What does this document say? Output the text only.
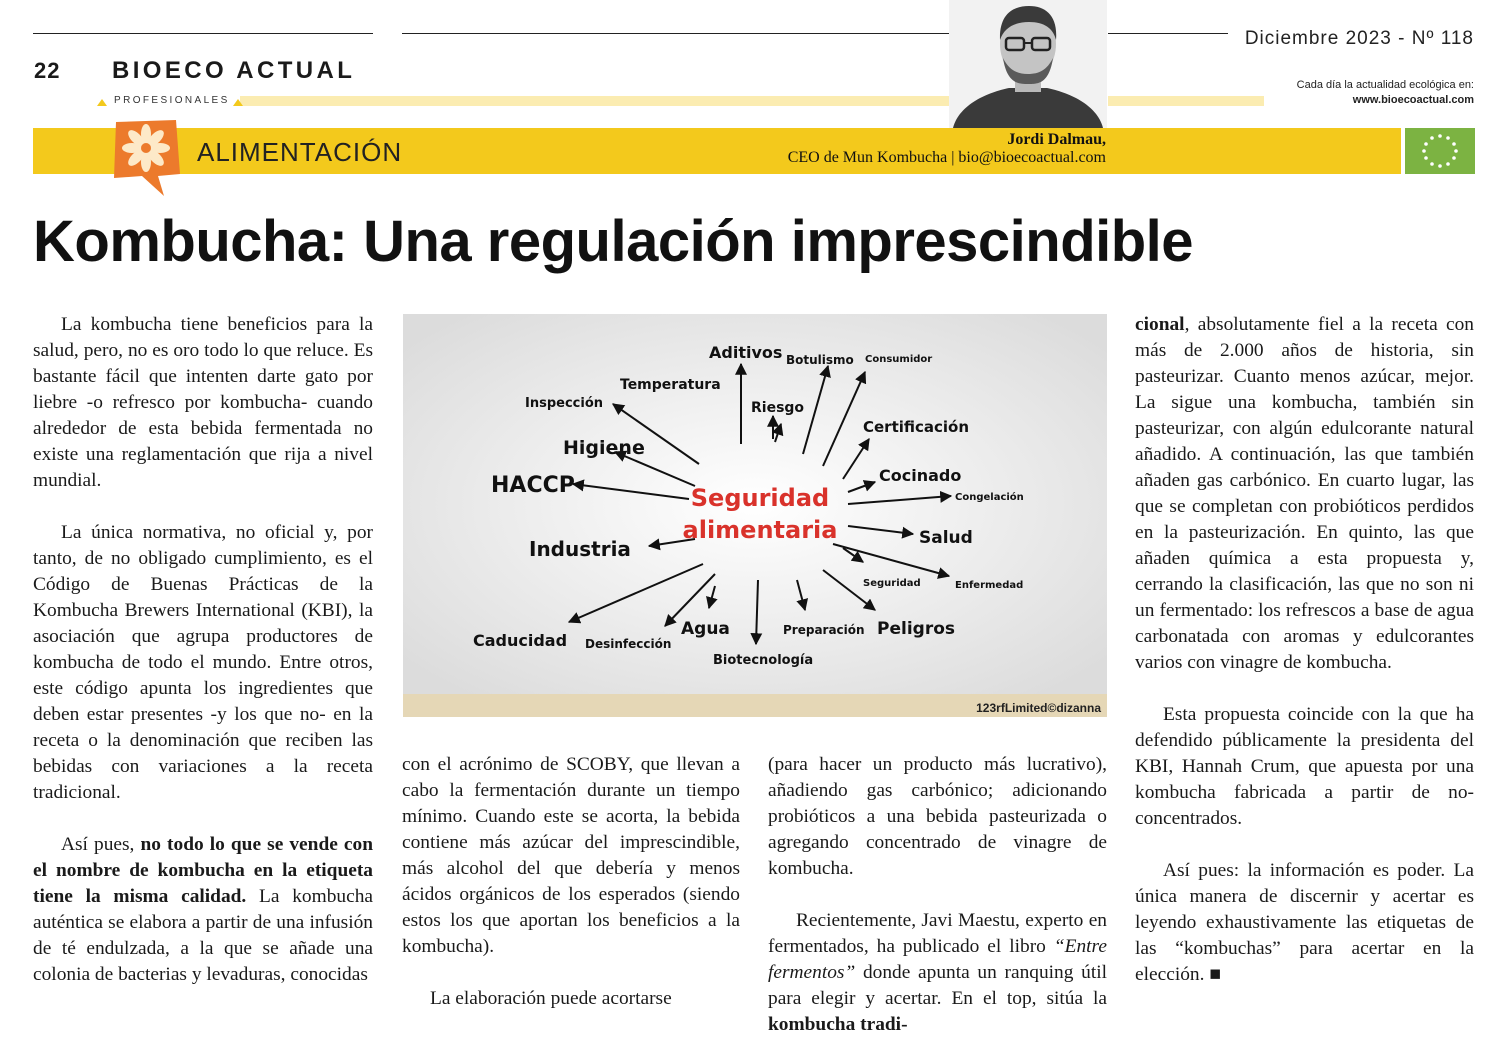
22 BIOECO ACTUAL
PROFESIONALES
Diciembre 2023 - Nº 118
Cada día la actualidad ecológica en:
www.bioecoactual.com
ALIMENTACIÓN	Jordi Dalmau,
CEO de Mun Kombucha | bio@bioecoactual.com
Kombucha: Una regulación imprescindible

La kombucha tiene beneficios para la salud, pero, no es oro todo lo que reluce. Es bastante fácil que intenten darte gato por liebre -o refresco por kombucha- cuando alrededor de esta bebida fermentada no existe una reglamentación que rija a nivel mundial.

La única normativa, no oficial y, por tanto, de no obligado cumplimiento, es el Código de Buenas Prácticas de la Kombucha Brewers International (KBI), la asociación que agrupa productores de kombucha de todo el mundo. Entre otros, este código apunta los ingredientes que deben estar presentes -y los que no- en la receta o la denominación que reciben las bebidas con variaciones a la receta tradicional.

Así pues, no todo lo que se vende con el nombre de kombucha en la etiqueta tiene la misma calidad. La kombucha auténtica se elabora a partir de una infusión de té endulzada, a la que se añade una colonia de bacterias y levaduras, conocidas

Aditivos Botulismo Consumidor
Temperatura
Inspección	Riesgo
Certificación
Higiene
Cocinado
HACCP	Congelación
Salud
Industria
Seguridad	Enfermedad
Caducidad Desinfección
Agua	Preparación Peligros
Biotecnología
Seguridad
alimentaria
123rfLimited©dizanna

con el acrónimo de SCOBY, que llevan a cabo la fermentación durante un tiempo mínimo. Cuando este se acorta, la bebida contiene más azúcar del imprescindible, más alcohol del que debería y menos ácidos orgánicos de los esperados (siendo estos los que aportan los beneficios a la kombucha).

La elaboración puede acortarse

(para hacer un producto más lucrativo), añadiendo gas carbónico; adicionando probióticos a una bebida pasteurizada o agregando concentrado de vinagre de kombucha.

Recientemente, Javi Maestu, experto en fermentados, ha publicado el libro “Entre fermentos” donde apunta un ranquing útil para elegir y acertar. En el top, sitúa la kombucha tradi-

cional, absolutamente fiel a la receta con más de 2.000 años de historia, sin pasteurizar. Cuanto menos azúcar, mejor. La sigue una kombucha, también sin pasteurizar, con algún edulcorante natural añadido. A continuación, las que también añaden gas carbónico. En cuarto lugar, las que se completan con probióticos perdidos en la pasteurización. En quinto, las que añaden química a esta propuesta y, cerrando la clasificación, las que no son ni un fermentado: los refrescos a base de agua carbonatada con aromas y edulcorantes varios con vinagre de kombucha.

Esta propuesta coincide con la que ha defendido públicamente la presidenta del KBI, Hannah Crum, que apuesta por una kombucha fabricada a partir de no-concentrados.

Así pues: la información es poder. La única manera de discernir y acertar es leyendo exhaustivamente las etiquetas de las “kombuchas” para acertar en la elección. ■
